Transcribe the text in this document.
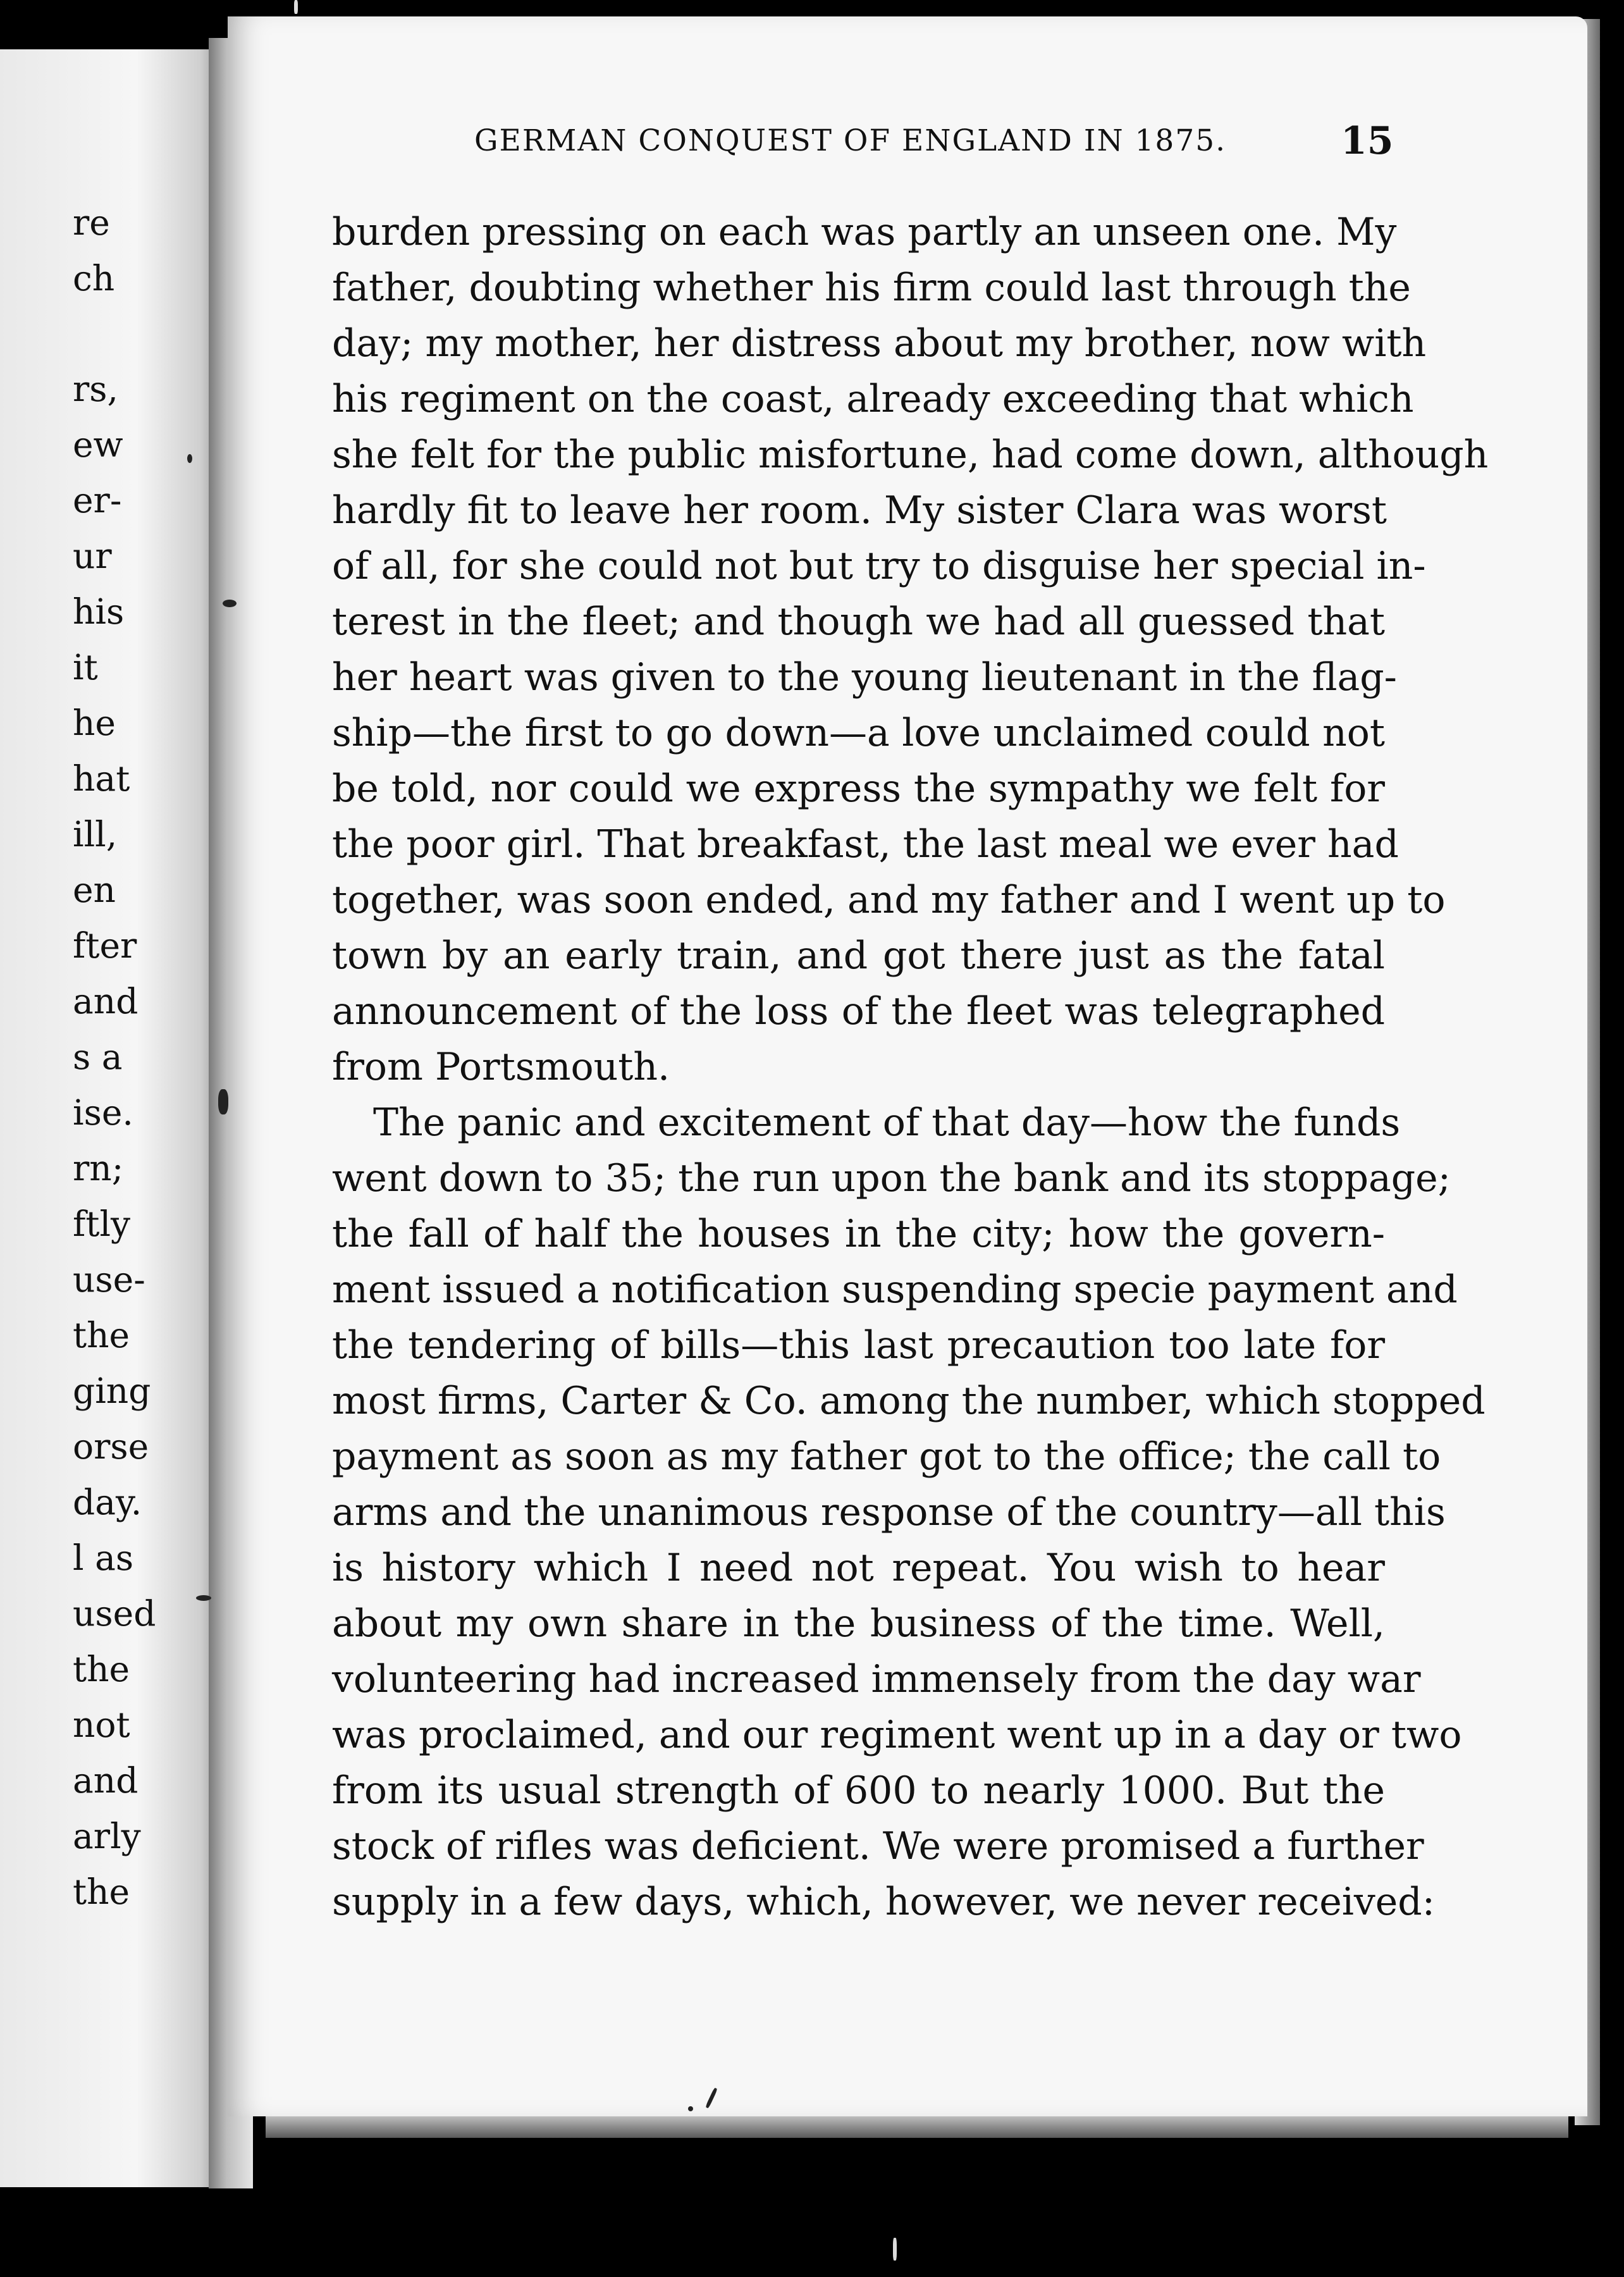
re

ch

rs,

ew

er-

ur

his

it

he

hat

ill,

en

fter

and

s a

ise.

rn;

ftly

use-

the

ging

orse

day.

l as

used

the

not

and

arly

the

GERMAN CONQUEST OF ENGLAND IN 1875.	15

burden pressing on each was partly an unseen one. My
father, doubting whether his firm could last through the
day; my mother, her distress about my brother, now with
his regiment on the coast, already exceeding that which
she felt for the public misfortune, had come down, although
hardly fit to leave her room. My sister Clara was worst
of all, for she could not but try to disguise her special in-
terest in the fleet; and though we had all guessed that
her heart was given to the young lieutenant in the flag-
ship—the first to go down—a love unclaimed could not
be told, nor could we express the sympathy we felt for
the poor girl. That breakfast, the last meal we ever had
together, was soon ended, and my father and I went up to
town by an early train, and got there just as the fatal
announcement of the loss of the fleet was telegraphed
from Portsmouth.
The panic and excitement of that day—how the funds
went down to 35; the run upon the bank and its stoppage;
the fall of half the houses in the city; how the govern-
ment issued a notification suspending specie payment and
the tendering of bills—this last precaution too late for
most firms, Carter & Co. among the number, which stopped
payment as soon as my father got to the office; the call to
arms and the unanimous response of the country—all this
is history which I need not repeat. You wish to hear
about my own share in the business of the time. Well,
volunteering had increased immensely from the day war
was proclaimed, and our regiment went up in a day or two
from its usual strength of 600 to nearly 1000. But the
stock of rifles was deficient. We were promised a further
supply in a few days, which, however, we never received:
